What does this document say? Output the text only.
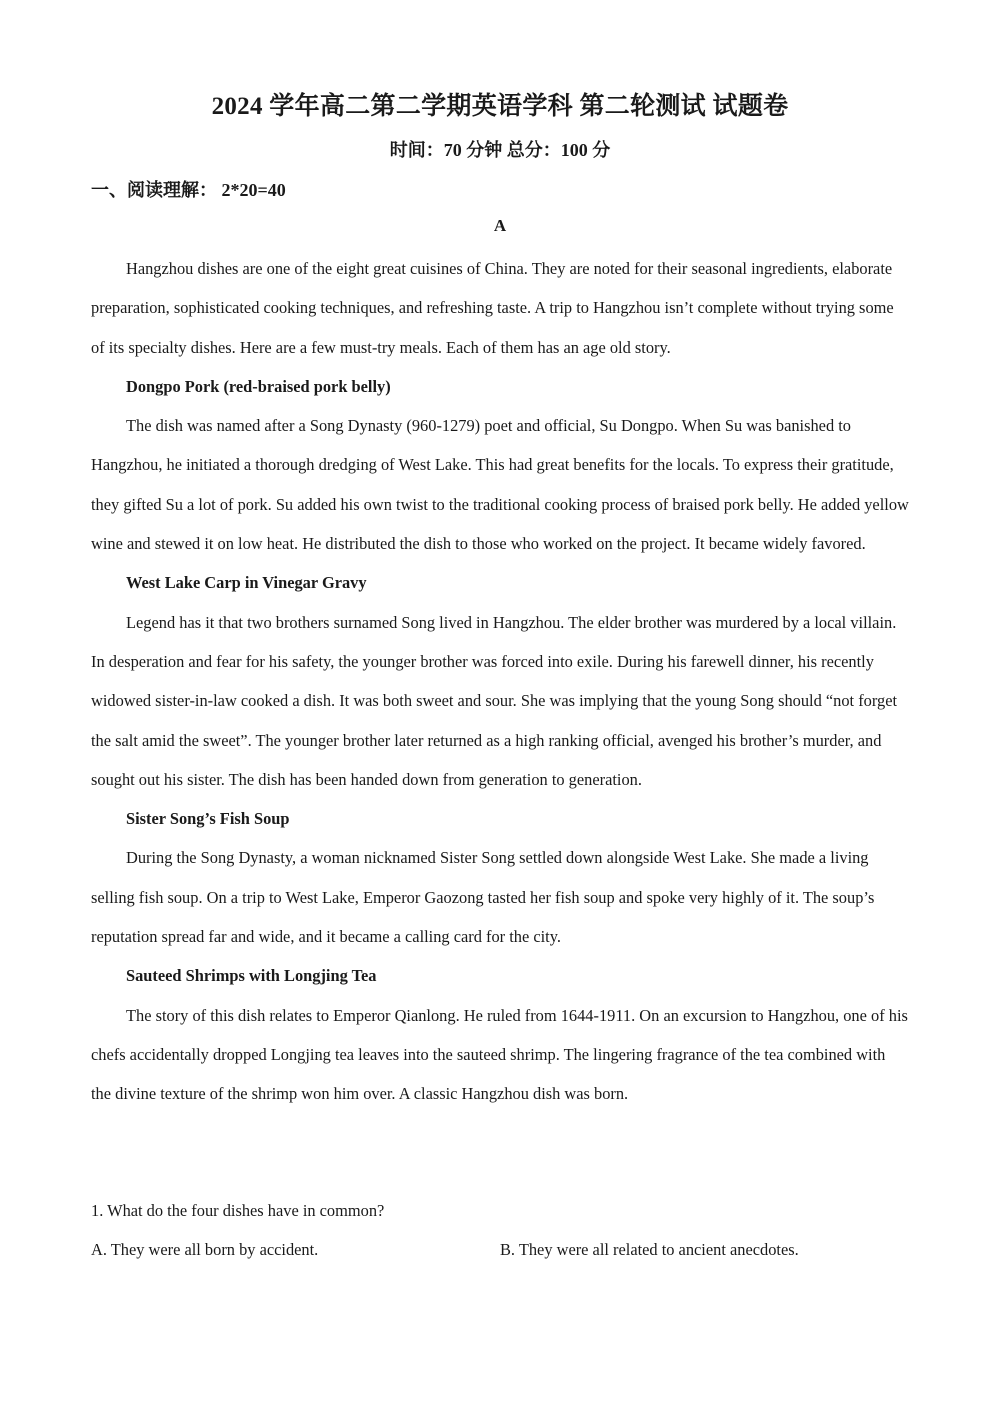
2024 学年高二第二学期英语学科 第二轮测试 试题卷
时间：70 分钟 总分：100 分
一、阅读理解： 2*20=40
A

Hangzhou dishes are one of the eight great cuisines of China. They are noted for their seasonal ingredients, elaborate preparation, sophisticated cooking techniques, and refreshing taste. A trip to Hangzhou isn’t complete without trying some of its specialty dishes. Here are a few must-try meals. Each of them has an age old story.

Dongpo Pork (red-braised pork belly)

The dish was named after a Song Dynasty (960-1279) poet and official, Su Dongpo. When Su was banished to Hangzhou, he initiated a thorough dredging of West Lake. This had great benefits for the locals. To express their gratitude, they gifted Su a lot of pork. Su added his own twist to the traditional cooking process of braised pork belly. He added yellow wine and stewed it on low heat. He distributed the dish to those who worked on the project. It became widely favored.

West Lake Carp in Vinegar Gravy

Legend has it that two brothers surnamed Song lived in Hangzhou. The elder brother was murdered by a local villain. In desperation and fear for his safety, the younger brother was forced into exile. During his farewell dinner, his recently widowed sister-in-law cooked a dish. It was both sweet and sour. She was implying that the young Song should “not forget the salt amid the sweet”. The younger brother later returned as a high ranking official, avenged his brother’s murder, and sought out his sister. The dish has been handed down from generation to generation.

Sister Song’s Fish Soup

During the Song Dynasty, a woman nicknamed Sister Song settled down alongside West Lake. She made a living selling fish soup. On a trip to West Lake, Emperor Gaozong tasted her fish soup and spoke very highly of it. The soup’s reputation spread far and wide, and it became a calling card for the city.

Sauteed Shrimps with Longjing Tea

The story of this dish relates to Emperor Qianlong. He ruled from 1644-1911. On an excursion to Hangzhou, one of his chefs accidentally dropped Longjing tea leaves into the sauteed shrimp. The lingering fragrance of the tea combined with the divine texture of the shrimp won him over. A classic Hangzhou dish was born.

1. What do the four dishes have in common?
A. They were all born by accident.	B. They were all related to ancient anecdotes.
